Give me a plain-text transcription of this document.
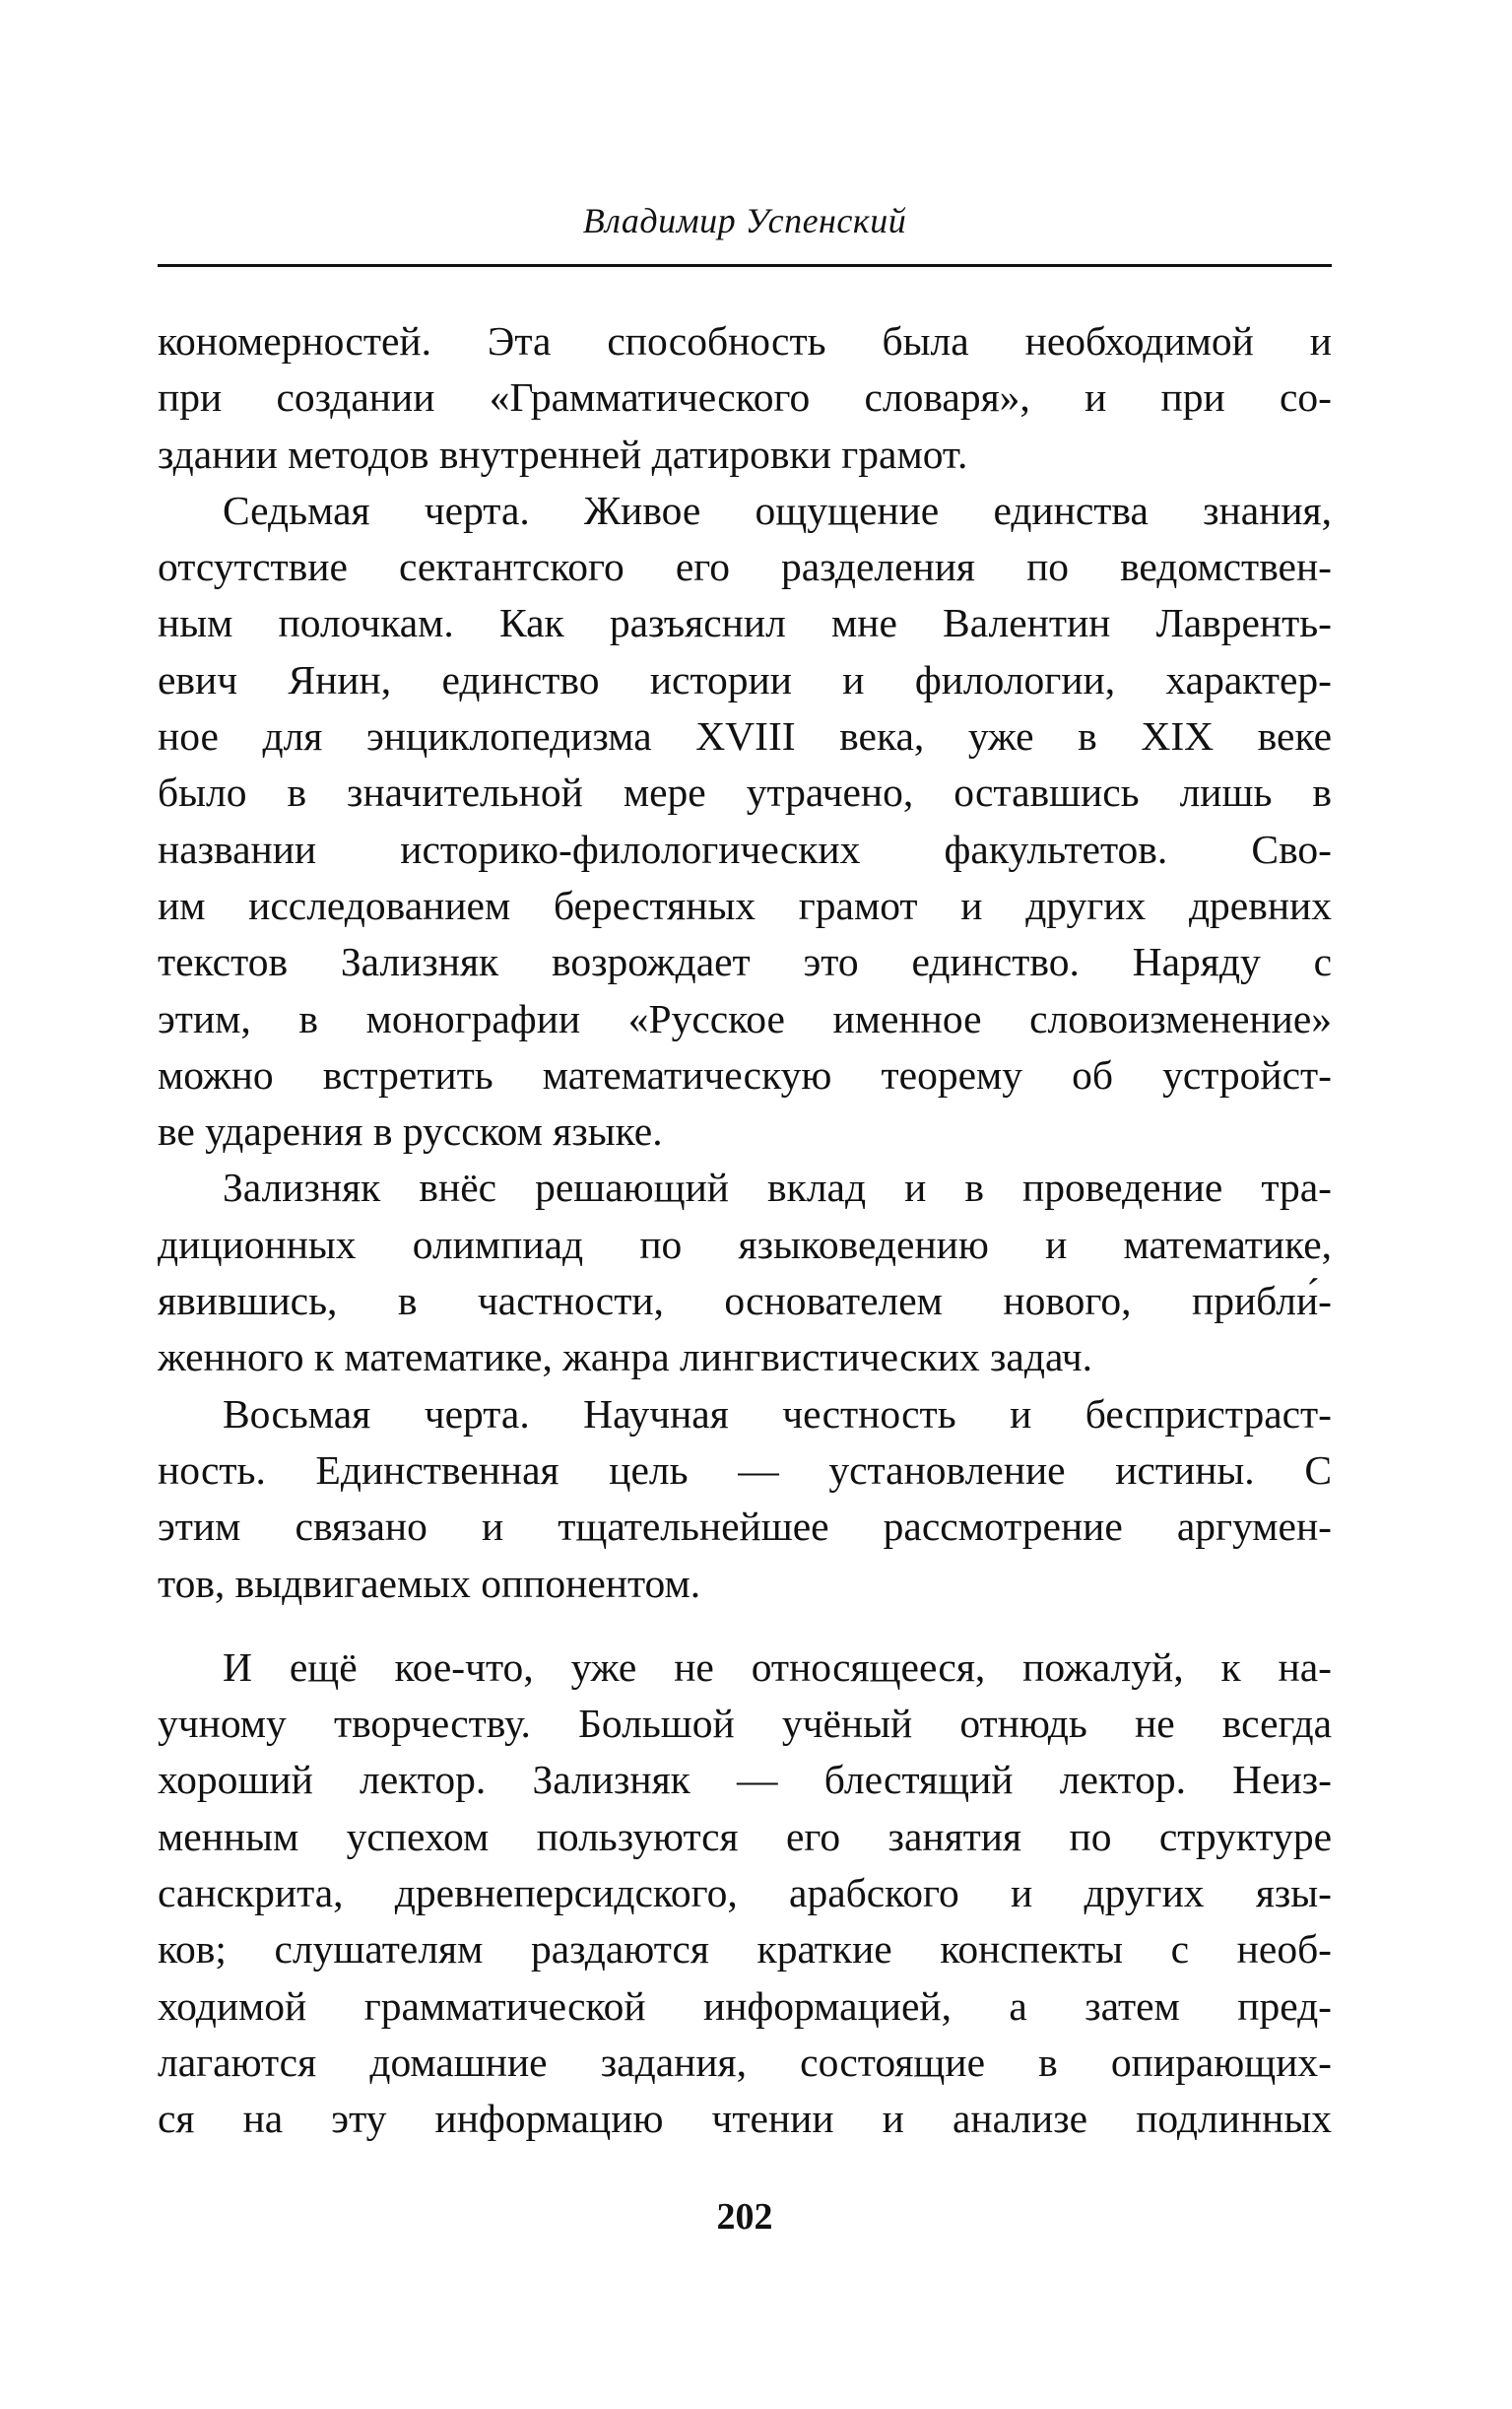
Владимир Успенский
кономерностей. Эта способность была необходимой и
при создании «Грамматического словаря», и при со-
здании методов внутренней датировки грамот.
Седьмая черта. Живое ощущение единства знания,
отсутствие сектантского его разделения по ведомствен-
ным полочкам. Как разъяснил мне Валентин Лавренть-
евич Янин, единство истории и филологии, характер-
ное для энциклопедизма XVIII века, уже в XIX веке
было в значительной мере утрачено, оставшись лишь в
названии историко-филологических факультетов. Сво-
им исследованием берестяных грамот и других древних
текстов Зализняк возрождает это единство. Наряду с
этим, в монографии «Русское именное словоизменение»
можно встретить математическую теорему об устройст-
ве ударения в русском языке.
Зализняк внёс решающий вклад и в проведение тра-
диционных олимпиад по языковедению и математике,
явившись, в частности, основателем нового, прибли́-
женного к математике, жанра лингвистических задач.
Восьмая черта. Научная честность и беспристраст-
ность. Единственная цель — установление истины. С
этим связано и тщательнейшее рассмотрение аргумен-
тов, выдвигаемых оппонентом.
И ещё кое-что, уже не относящееся, пожалуй, к на-
учному творчеству. Большой учёный отнюдь не всегда
хороший лектор. Зализняк — блестящий лектор. Неиз-
менным успехом пользуются его занятия по структуре
санскрита, древнеперсидского, арабского и других язы-
ков; слушателям раздаются краткие конспекты с необ-
ходимой грамматической информацией, а затем пред-
лагаются домашние задания, состоящие в опирающих-
ся на эту информацию чтении и анализе подлинных
202
